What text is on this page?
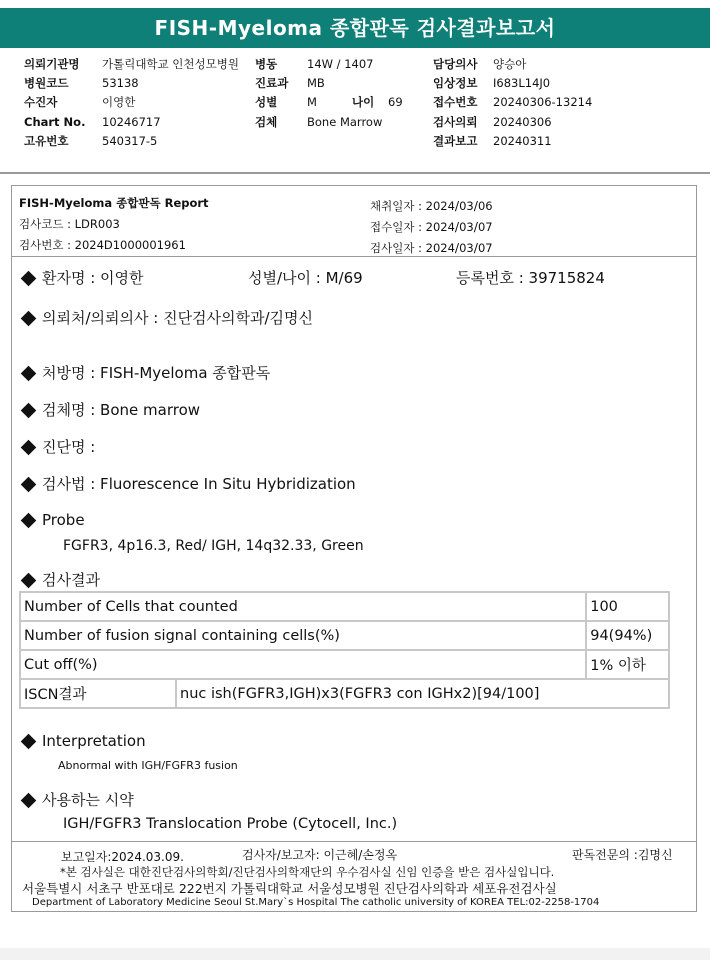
FISH-Myeloma 종합판독 검사결과보고서
의뢰기관명 가톨릭대학교 인천성모병원
병원코드	53138
수진자	이영한
Chart No. 10246717
고유번호	540317-5
병동	14W / 1407
진료과 MB
성별	M	나이 69
검체	Bone Marrow
담당의사 양승아
임상정보 I683L14J0
접수번호 20240306-13214
검사의뢰 20240306
결과보고 20240311
FISH-Myeloma 종합판독 Report
검사코드 : LDR003
검사번호 : 2024D1000001961
채취일자 : 2024/03/06
접수일자 : 2024/03/07
검사일자 : 2024/03/07
환자명 : 이영한	성별/나이 : M/69	등록번호 : 39715824
의뢰처/의뢰의사 : 진단검사의학과/김명신
처방명 : FISH-Myeloma 종합판독
검체명 : Bone marrow
진단명 :
검사법 : Fluorescence In Situ Hybridization
Probe
FGFR3, 4p16.3, Red/ IGH, 14q32.33, Green
검사결과
Number of Cells that counted		100
Number of fusion signal containing cells(%)		94(94%)
Cut off(%)		1% 이하
ISCN결과	nuc ish(FGFR3,IGH)x3(FGFR3 con IGHx2)[94/100]	
Interpretation
Abnormal with IGH/FGFR3 fusion
사용하는 시약
IGH/FGFR3 Translocation Probe (Cytocell, Inc.)
보고일자:2024.03.09.	검사자/보고자: 이근혜/손정옥	판독전문의 :김명신
*본 검사실은 대한진단검사의학회/진단검사의학재단의 우수검사실 신임 인증을 받은 검사실입니다.
서울특별시 서초구 반포대로 222번지 가톨릭대학교 서울성모병원 진단검사의학과 세포유전검사실
Department of Laboratory Medicine Seoul St.Mary`s Hospital The catholic university of KOREA TEL:02-2258-1704
